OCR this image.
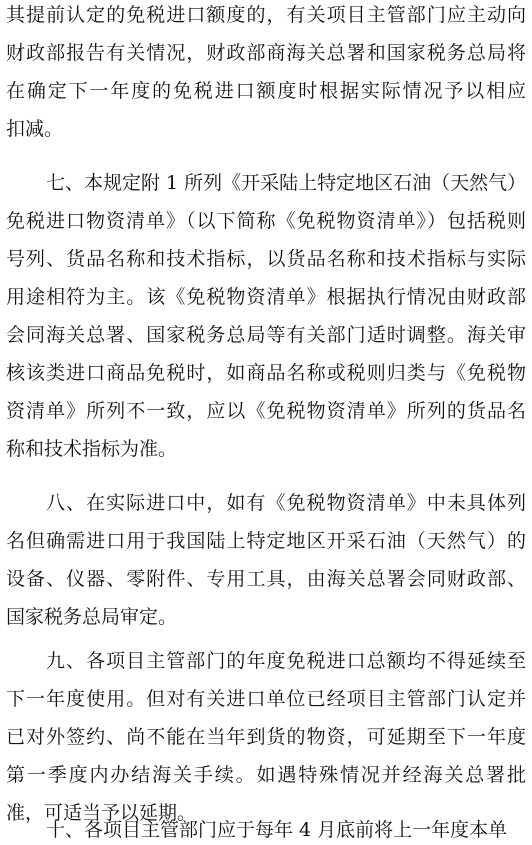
其提前认定的免税进口额度的，有关项目主管部门应主动向
财政部报告有关情况，财政部商海关总署和国家税务总局将
在确定下一年度的免税进口额度时根据实际情况予以相应
扣减。
七、本规定附 1 所列《开采陆上特定地区石油（天然气）
免税进口物资清单》（以下简称《免税物资清单》）包括税则
号列、货品名称和技术指标，以货品名称和技术指标与实际
用途相符为主。该《免税物资清单》根据执行情况由财政部
会同海关总署、国家税务总局等有关部门适时调整。海关审
核该类进口商品免税时，如商品名称或税则归类与《免税物
资清单》所列不一致，应以《免税物资清单》所列的货品名
称和技术指标为准。
八、在实际进口中，如有《免税物资清单》中未具体列
名但确需进口用于我国陆上特定地区开采石油（天然气）的
设备、仪器、零附件、专用工具，由海关总署会同财政部、
国家税务总局审定。
九、各项目主管部门的年度免税进口总额均不得延续至
下一年度使用。但对有关进口单位已经项目主管部门认定并
已对外签约、尚不能在当年到货的物资，可延期至下一年度
第一季度内办结海关手续。如遇特殊情况并经海关总署批
准，可适当予以延期。
十、各项目主管部门应于每年 4 月底前将上一年度本单
